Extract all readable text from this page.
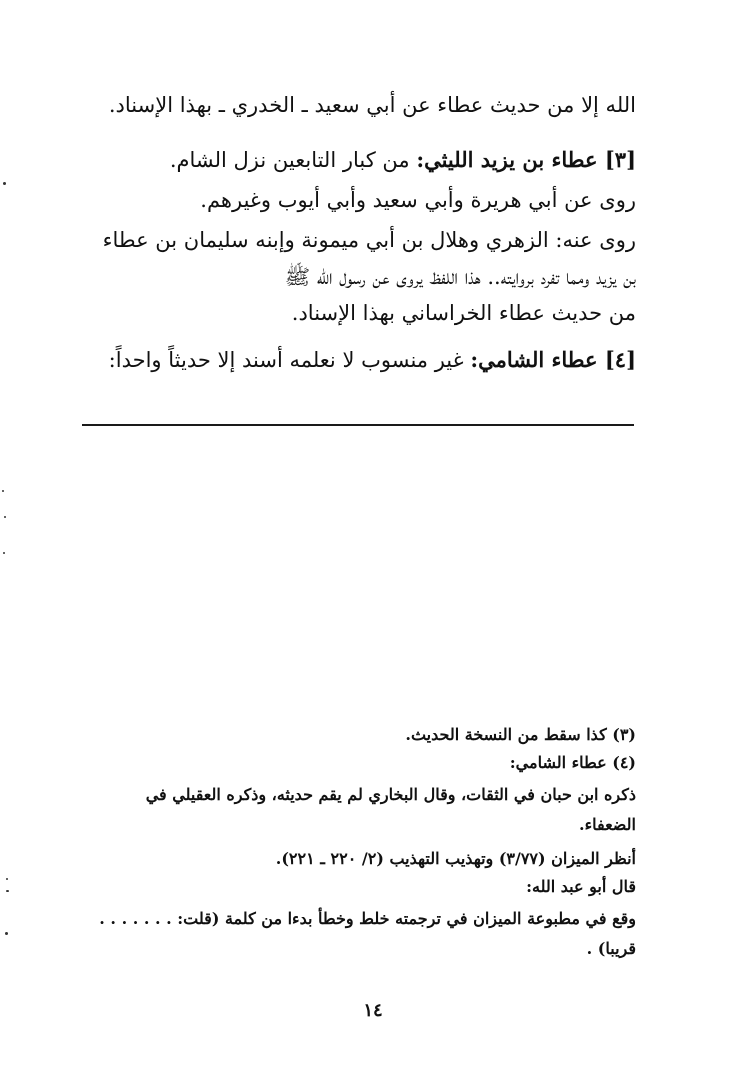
الله إلا من حديث عطاء عن أبي سعيد ـ الخدري ـ بهذا الإسناد.
[٣] عطاء بن يزيد الليثي: من كبار التابعين نزل الشام.
روى عن أبي هريرة وأبي سعيد وأبي أيوب وغيرهم.
روى عنه: الزهري وهلال بن أبي ميمونة وإبنه سليمان بن عطاء
بن يزيد ومما تفرد بروايته.. هذا اللفظ يروى عن رسول الله ﷺ
من حديث عطاء الخراساني بهذا الإسناد.
[٤] عطاء الشامي: غير منسوب لا نعلمه أسند إلا حديثاً واحداً:
(٣) كذا سقط من النسخة الحديث.
(٤) عطاء الشامي:
ذكره ابن حبان في الثقات، وقال البخاري لم يقم حديثه، وذكره العقيلي في
الضعفاء.
أنظر الميزان (٣/٧٧) وتهذيب التهذيب (٢/ ٢٢٠ ـ ٢٢١).
قال أبو عبد الله:
وقع في مطبوعة الميزان في ترجمته خلط وخطأ بدءا من كلمة (قلت: . . . . . . .
قريبا) .
١٤
